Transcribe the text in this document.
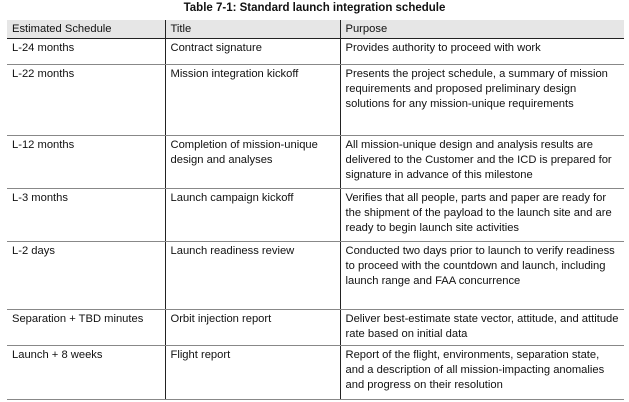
Table 7-1: Standard launch integration schedule
Estimated Schedule	Title	Purpose
L-24 months	Contract signature	Provides authority to proceed with work
L-22 months	Mission integration kickoff	Presents the project schedule, a summary of mission requirements and proposed preliminary design solutions for any mission-unique requirements
L-12 months	Completion of mission-unique design and analyses	All mission-unique design and analysis results are delivered to the Customer and the ICD is prepared for signature in advance of this milestone
L-3 months	Launch campaign kickoff	Verifies that all people, parts and paper are ready for the shipment of the payload to the launch site and are ready to begin launch site activities
L-2 days	Launch readiness review	Conducted two days prior to launch to verify readiness to proceed with the countdown and launch, including launch range and FAA concurrence
Separation + TBD minutes	Orbit injection report	Deliver best-estimate state vector, attitude, and attitude rate based on initial data
Launch + 8 weeks	Flight report	Report of the flight, environments, separation state, and a description of all mission-impacting anomalies and progress on their resolution
